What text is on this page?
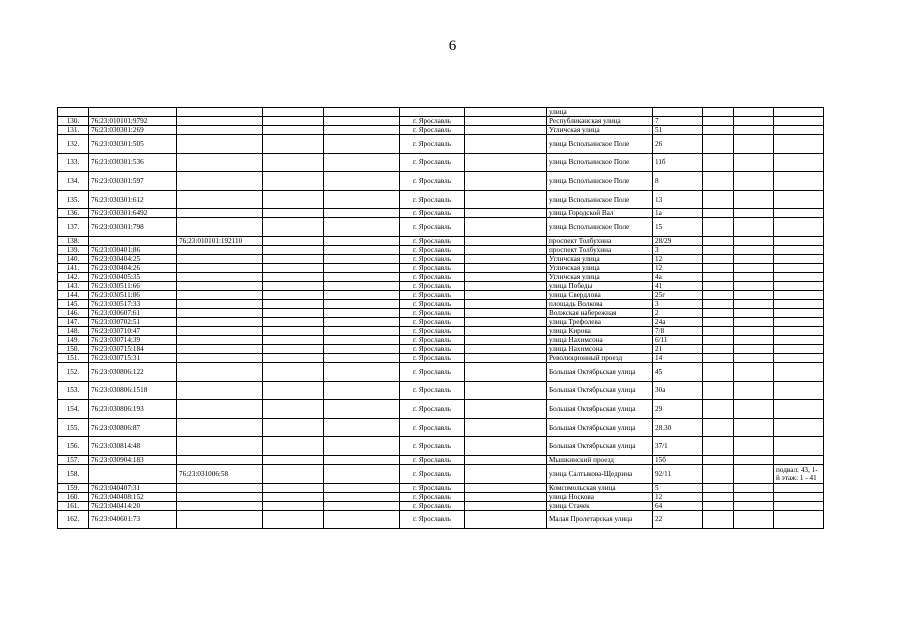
6
							улица				
130.	76:23:010101:9792				г. Ярославль		Республиканская улица	7			
131.	76:23:030301:269				г. Ярославль		Угличская улица	51			
132.	76:23:030301:505				г. Ярославль		улица Всполъинское Поле	26			
133.	76:23:030301:536				г. Ярославль		улица Всполъинское Поле	11б			
134.	76:23:030301:597				г. Ярославль		улица Всполъинское Поле	8			
135.	76:23:030301:612				г. Ярославль		улица Всполъинское Поле	13			
136.	76:23:030301:6492				г. Ярославль		улица Городской Вал	1а			
137.	76:23:030301:798				г. Ярославль		улица Всполъинское Поле	15			
138.		76:23:010101:192110			г. Ярославль		проспект Толбухина	28/29			
139.	76:23:030401:86				г. Ярославль		проспект Толбухина	3			
140.	76:23:030404:25				г. Ярославль		Угличская улица	12			
141.	76:23:030404:26				г. Ярославль		Угличская улица	12			
142.	76:23:030405:35				г. Ярославль		Угличская улица	4а			
143.	76:23:030511:66				г. Ярославль		улица Победы	41			
144.	76:23:030511:86				г. Ярославль		улица Свердлова	25г			
145.	76:23:030517:33				г. Ярославль		площадь Волкова	3			
146.	76:23:030607:61				г. Ярославль		Волжская набережная	2			
147.	76:23:030702:51				г. Ярославль		улица Трефолева	24а			
148.	76:23:030710:47				г. Ярославль		улица Кирова	7/8			
149.	76:23:030714:39				г. Ярославль		улица Нахимсона	6/11			
150.	76:23:030715:184				г. Ярославль		улица Нахимсона	21			
151.	76:23:030715:31				г. Ярославль		Революционный проезд	14			
152.	76:23:030806:122				г. Ярославль		Большая Октябрьская улица	45			
153.	76:23:030806:1518				г. Ярославль		Большая Октябрьская улица	30а			
154.	76:23:030806:193				г. Ярославль		Большая Октябрьская улица	29			
155.	76:23:030806:87				г. Ярославль		Большая Октябрьская улица	28.30			
156.	76:23:030814:48				г. Ярославль		Большая Октябрьская улица	37/1			
157.	76:23:030904:183				г. Ярославль		Мышкинский проезд	15б			
158.		76:23:031006:58			г. Ярославль		улица Салтыкова-Щедрина	92/11			подвал: 43, 1-й этаж: 1 - 41
159.	76:23:040407:31				г. Ярославль		Комсомольская улица	5			
160.	76:23:040408:152				г. Ярославль		улица Носкова	12			
161.	76:23:040414:20				г. Ярославль		улица Стачек	64			
162.	76:23:040601:73				г. Ярославль		Малая Пролетарская улица	22			
